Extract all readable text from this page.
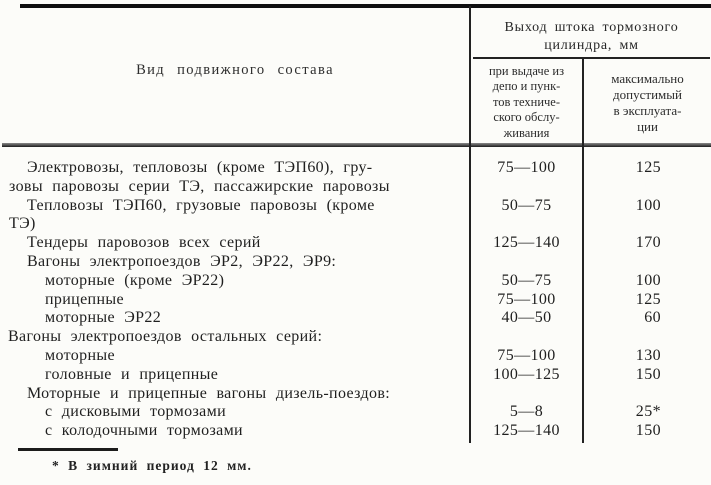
Вид подвижного состава
Выход штока тормозного
цилиндра, мм
при выдаче из
депо и пунк-
тов техниче-
ского обслу-
живания
максимально
допустимый
в эксплуата-
ции
Электровозы, тепловозы (кроме ТЭП60), гру-
зовы паровозы серии ТЭ, пассажирские паровозы
75—100	125
Тепловозы ТЭП60, грузовые паровозы (кроме
ТЭ)
50—75	100
Тендеры паровозов всех серий	125—140	170
Вагоны электропоездов ЭР2, ЭР22, ЭР9:
моторные (кроме ЭР22)	50—75	100
прицепные	75—100	125
моторные ЭР22	40—50	60
Вагоны электропоездов остальных серий:
моторные	75—100	130
головные и прицепные	100—125	150
Моторные и прицепные вагоны дизель-поездов:
с дисковыми тормозами	5—8	25*
с колодочными тормозами	125—140	150
* В зимний период 12 мм.
